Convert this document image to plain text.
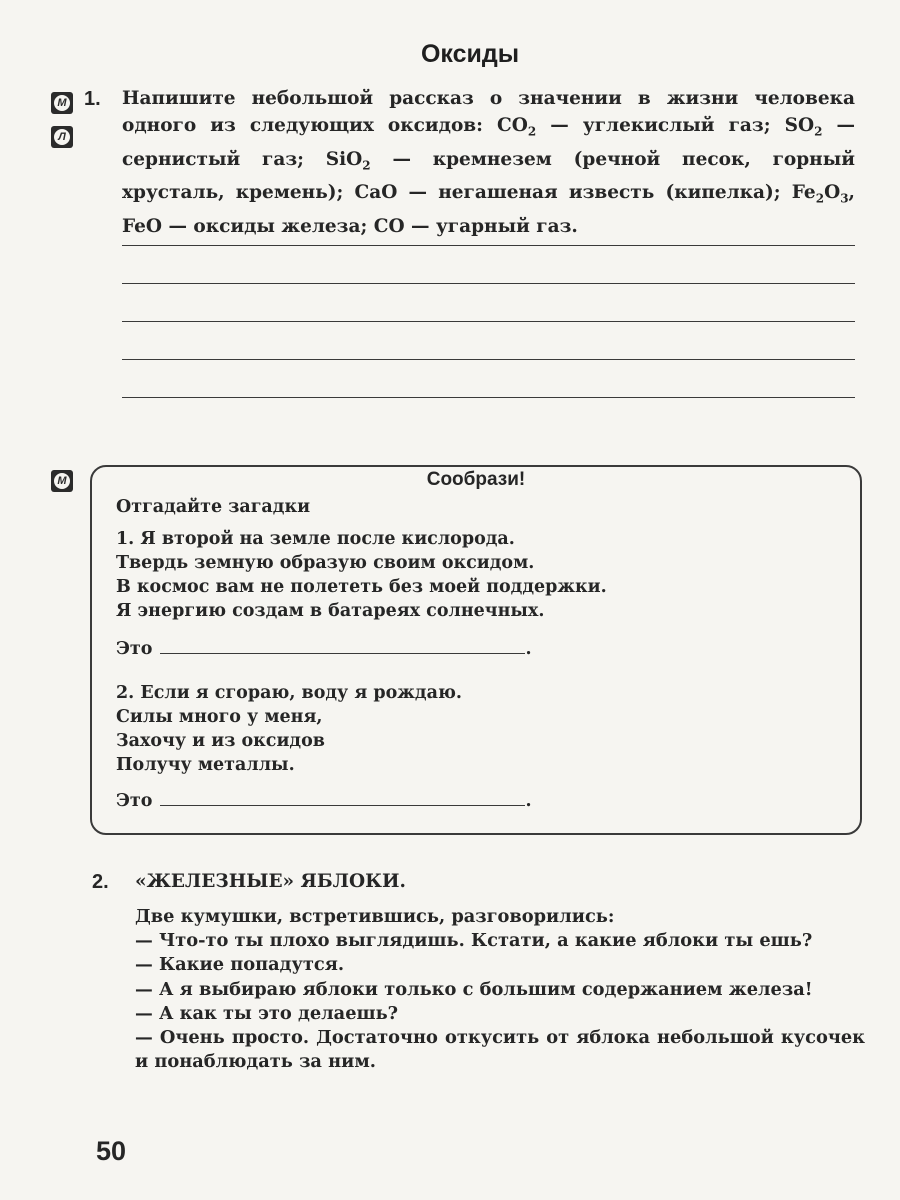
Оксиды
М
Л
1. Напишите небольшой рассказ о значении в жизни человека одного из следующих оксидов: $CO_2$ — углекислый газ; $SO_2$ — сернистый газ; SiO$_2$ — кремнезем (речной песок, горный хрусталь, кремень); CaO — негашеная известь (кипелка); $Fe_2O_3$, FeO — оксиды железа; CO — угарный газ.
М	Сообрази!
Отгадайте загадки
1. Я второй на земле после кислорода.
Твердь земную образую своим оксидом.
В космос вам не полететь без моей поддержки.
Я энергию создам в батареях солнечных.
Это	.
2. Если я сгораю, воду я рождаю.
Силы много у меня,
Захочу и из оксидов
Получу металлы.
Это	.
2. «ЖЕЛЕЗНЫЕ» ЯБЛОКИ.

Две кумушки, встретившись, разговорились:

— Что-то ты плохо выглядишь. Кстати, а какие яблоки ты ешь?

— Какие попадутся.

— А я выбираю яблоки только с большим содержанием железа!

— А как ты это делаешь?

— Очень просто. Достаточно откусить от яблока небольшой кусочек и понаблюдать за ним.

50
